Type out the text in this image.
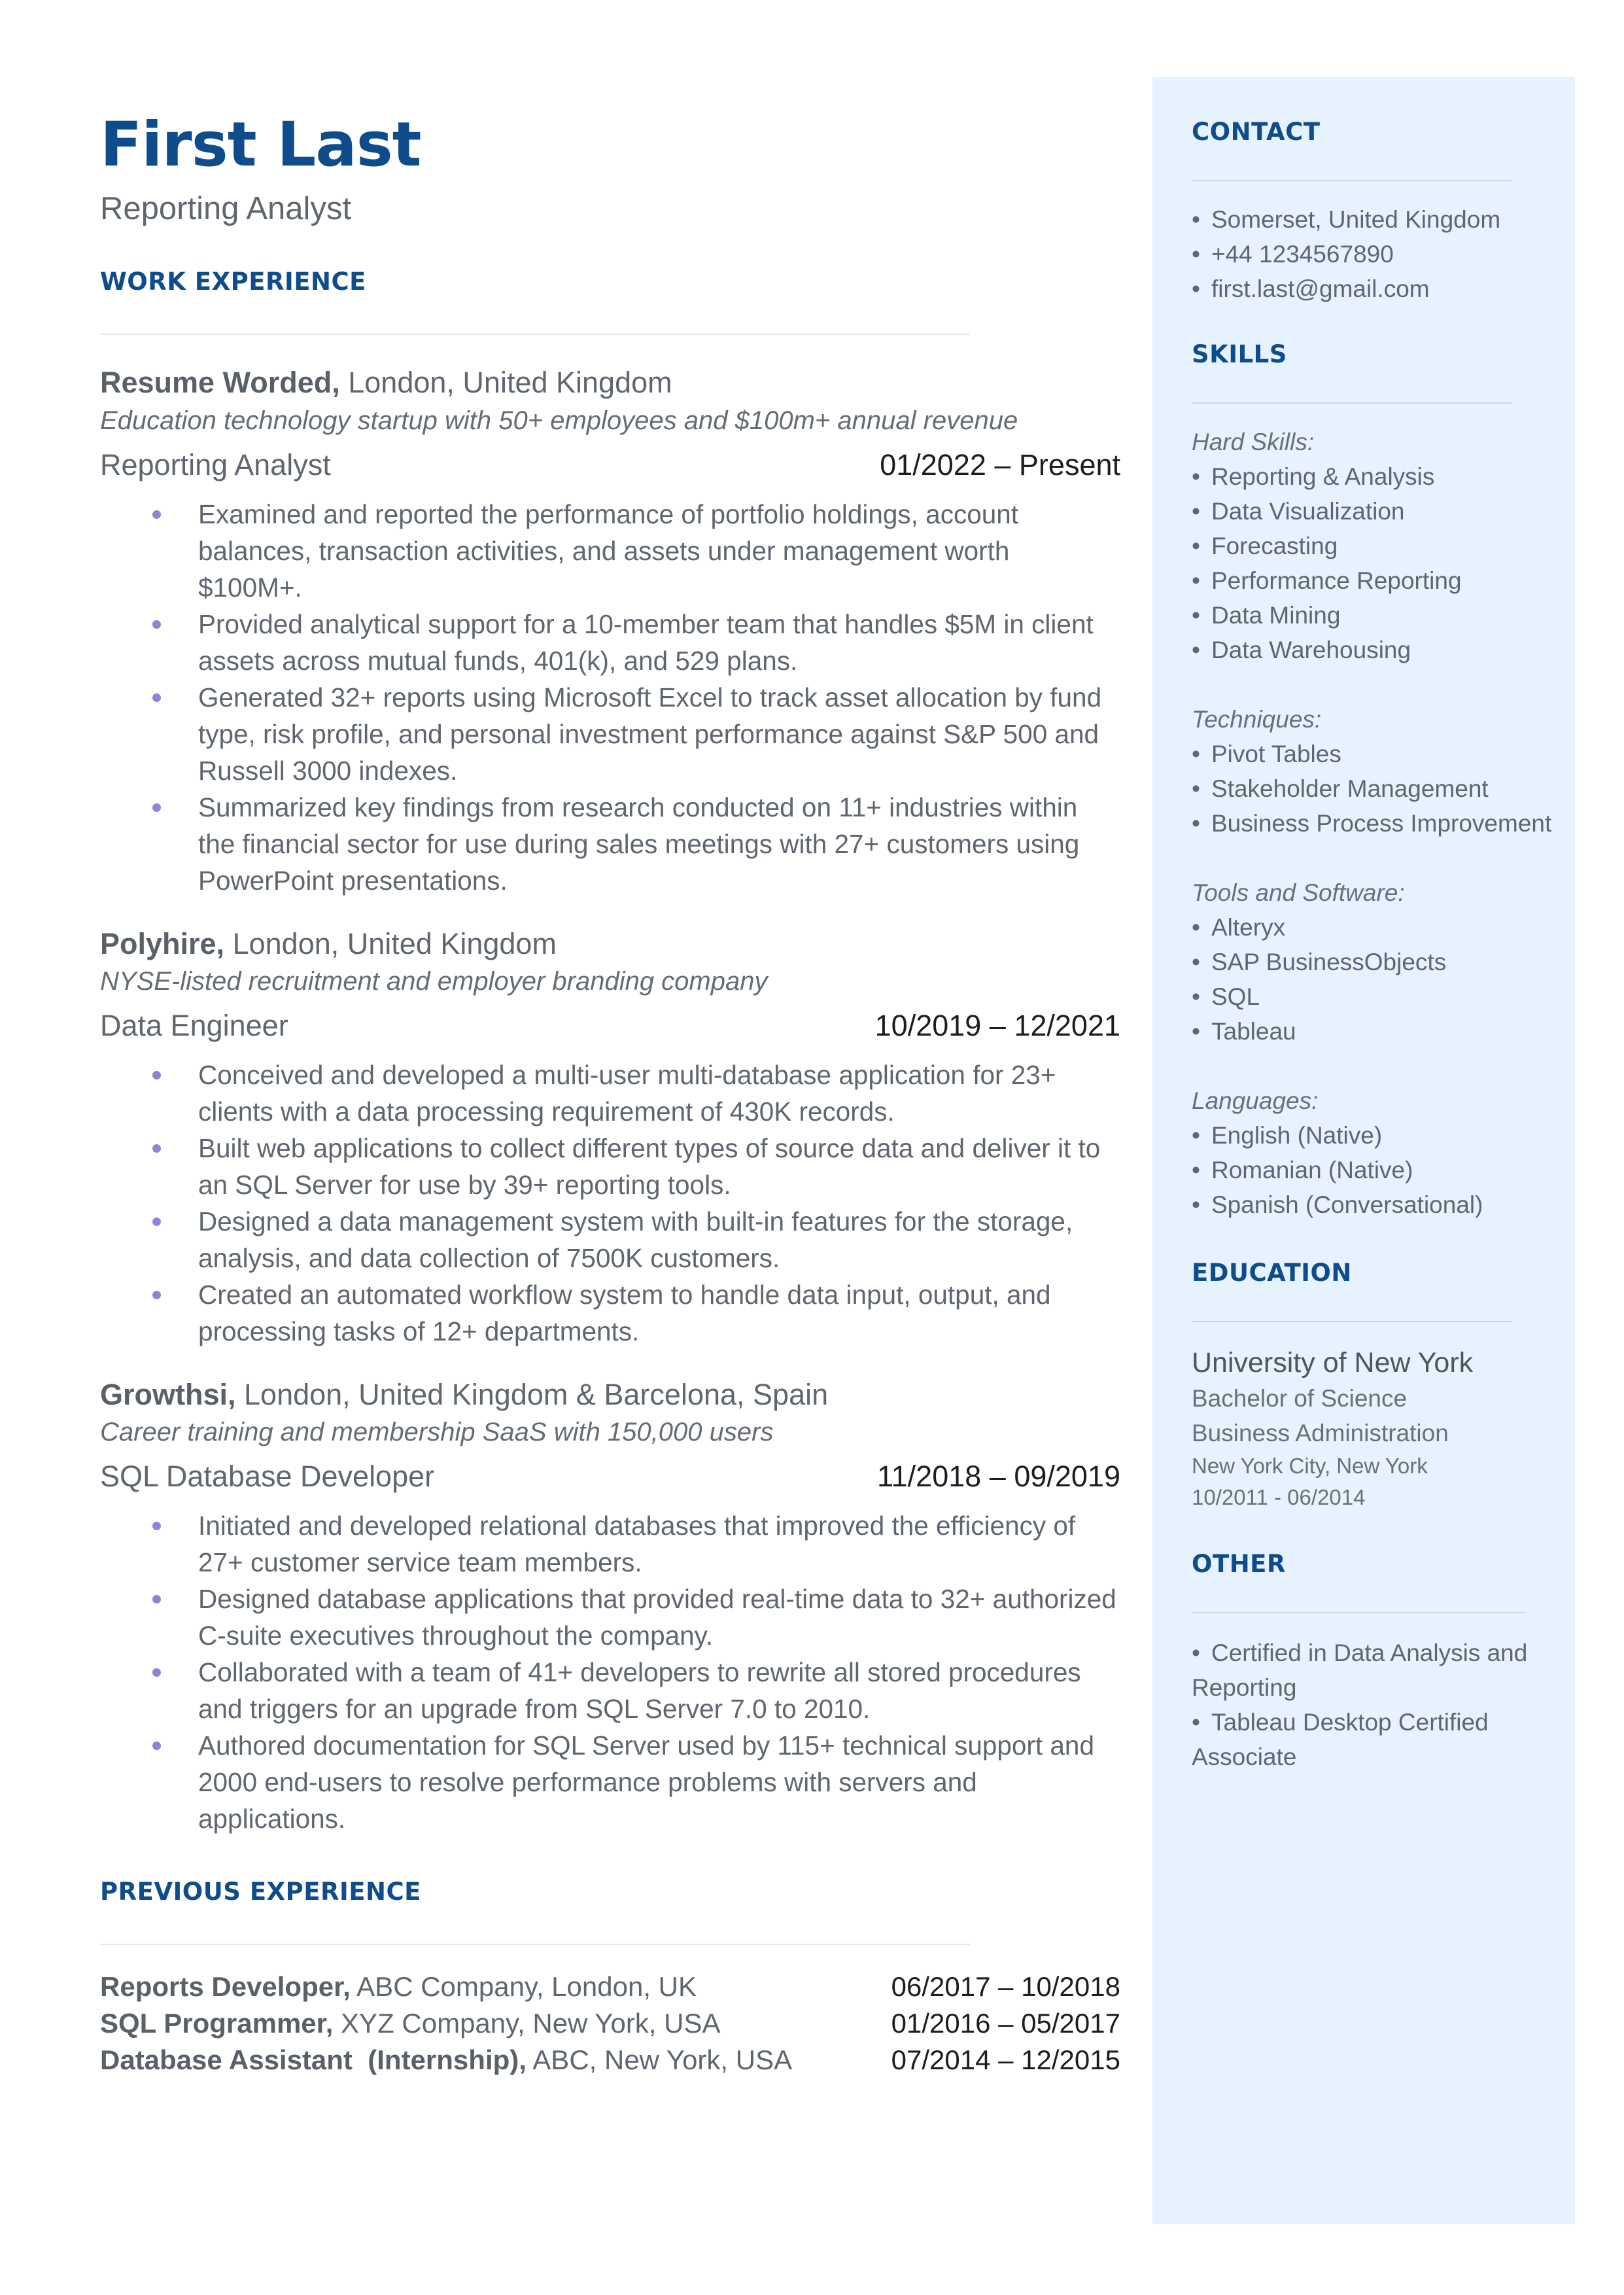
First Last
Reporting Analyst
WORK EXPERIENCE
Resume Worded, London, United Kingdom
Education technology startup with 50+ employees and $100m+ annual revenue
Reporting Analyst	01/2022 – Present
Examined and reported the performance of portfolio holdings, account balances, transaction activities, and assets under management worth $100M+.
Provided analytical support for a 10-member team that handles $5M in client assets across mutual funds, 401(k), and 529 plans.
Generated 32+ reports using Microsoft Excel to track asset allocation by fund type, risk profile, and personal investment performance against S&P 500 and Russell 3000 indexes.
Summarized key findings from research conducted on 11+ industries within the financial sector for use during sales meetings with 27+ customers using PowerPoint presentations.
Polyhire, London, United Kingdom
NYSE-listed recruitment and employer branding company
Data Engineer	10/2019 – 12/2021
Conceived and developed a multi-user multi-database application for 23+ clients with a data processing requirement of 430K records.
Built web applications to collect different types of source data and deliver it to an SQL Server for use by 39+ reporting tools.
Designed a data management system with built-in features for the storage, analysis, and data collection of 7500K customers.
Created an automated workflow system to handle data input, output, and processing tasks of 12+ departments.
Growthsi, London, United Kingdom & Barcelona, Spain
Career training and membership SaaS with 150,000 users
SQL Database Developer	11/2018 – 09/2019
Initiated and developed relational databases that improved the efficiency of 27+ customer service team members.
Designed database applications that provided real-time data to 32+ authorized C-suite executives throughout the company.
Collaborated with a team of 41+ developers to rewrite all stored procedures and triggers for an upgrade from SQL Server 7.0 to 2010.
Authored documentation for SQL Server used by 115+ technical support and 2000 end-users to resolve performance problems with servers and applications.
PREVIOUS EXPERIENCE
Reports Developer, ABC Company, London, UK	06/2017 – 10/2018
SQL Programmer, XYZ Company, New York, USA	01/2016 – 05/2017
Database Assistant  (Internship), ABC, New York, USA	07/2014 – 12/2015
CONTACT
• Somerset, United Kingdom
• +44 1234567890
• first.last@gmail.com
SKILLS
Hard Skills:
• Reporting & Analysis
• Data Visualization
• Forecasting
• Performance Reporting
• Data Mining
• Data Warehousing
Techniques:
• Pivot Tables
• Stakeholder Management
• Business Process Improvement
Tools and Software:
• Alteryx
• SAP BusinessObjects
• SQL
• Tableau
Languages:
• English (Native)
• Romanian (Native)
• Spanish (Conversational)
EDUCATION
University of New York
Bachelor of Science
Business Administration
New York City, New York
10/2011 - 06/2014
OTHER
• Certified in Data Analysis and Reporting
• Tableau Desktop Certified Associate
